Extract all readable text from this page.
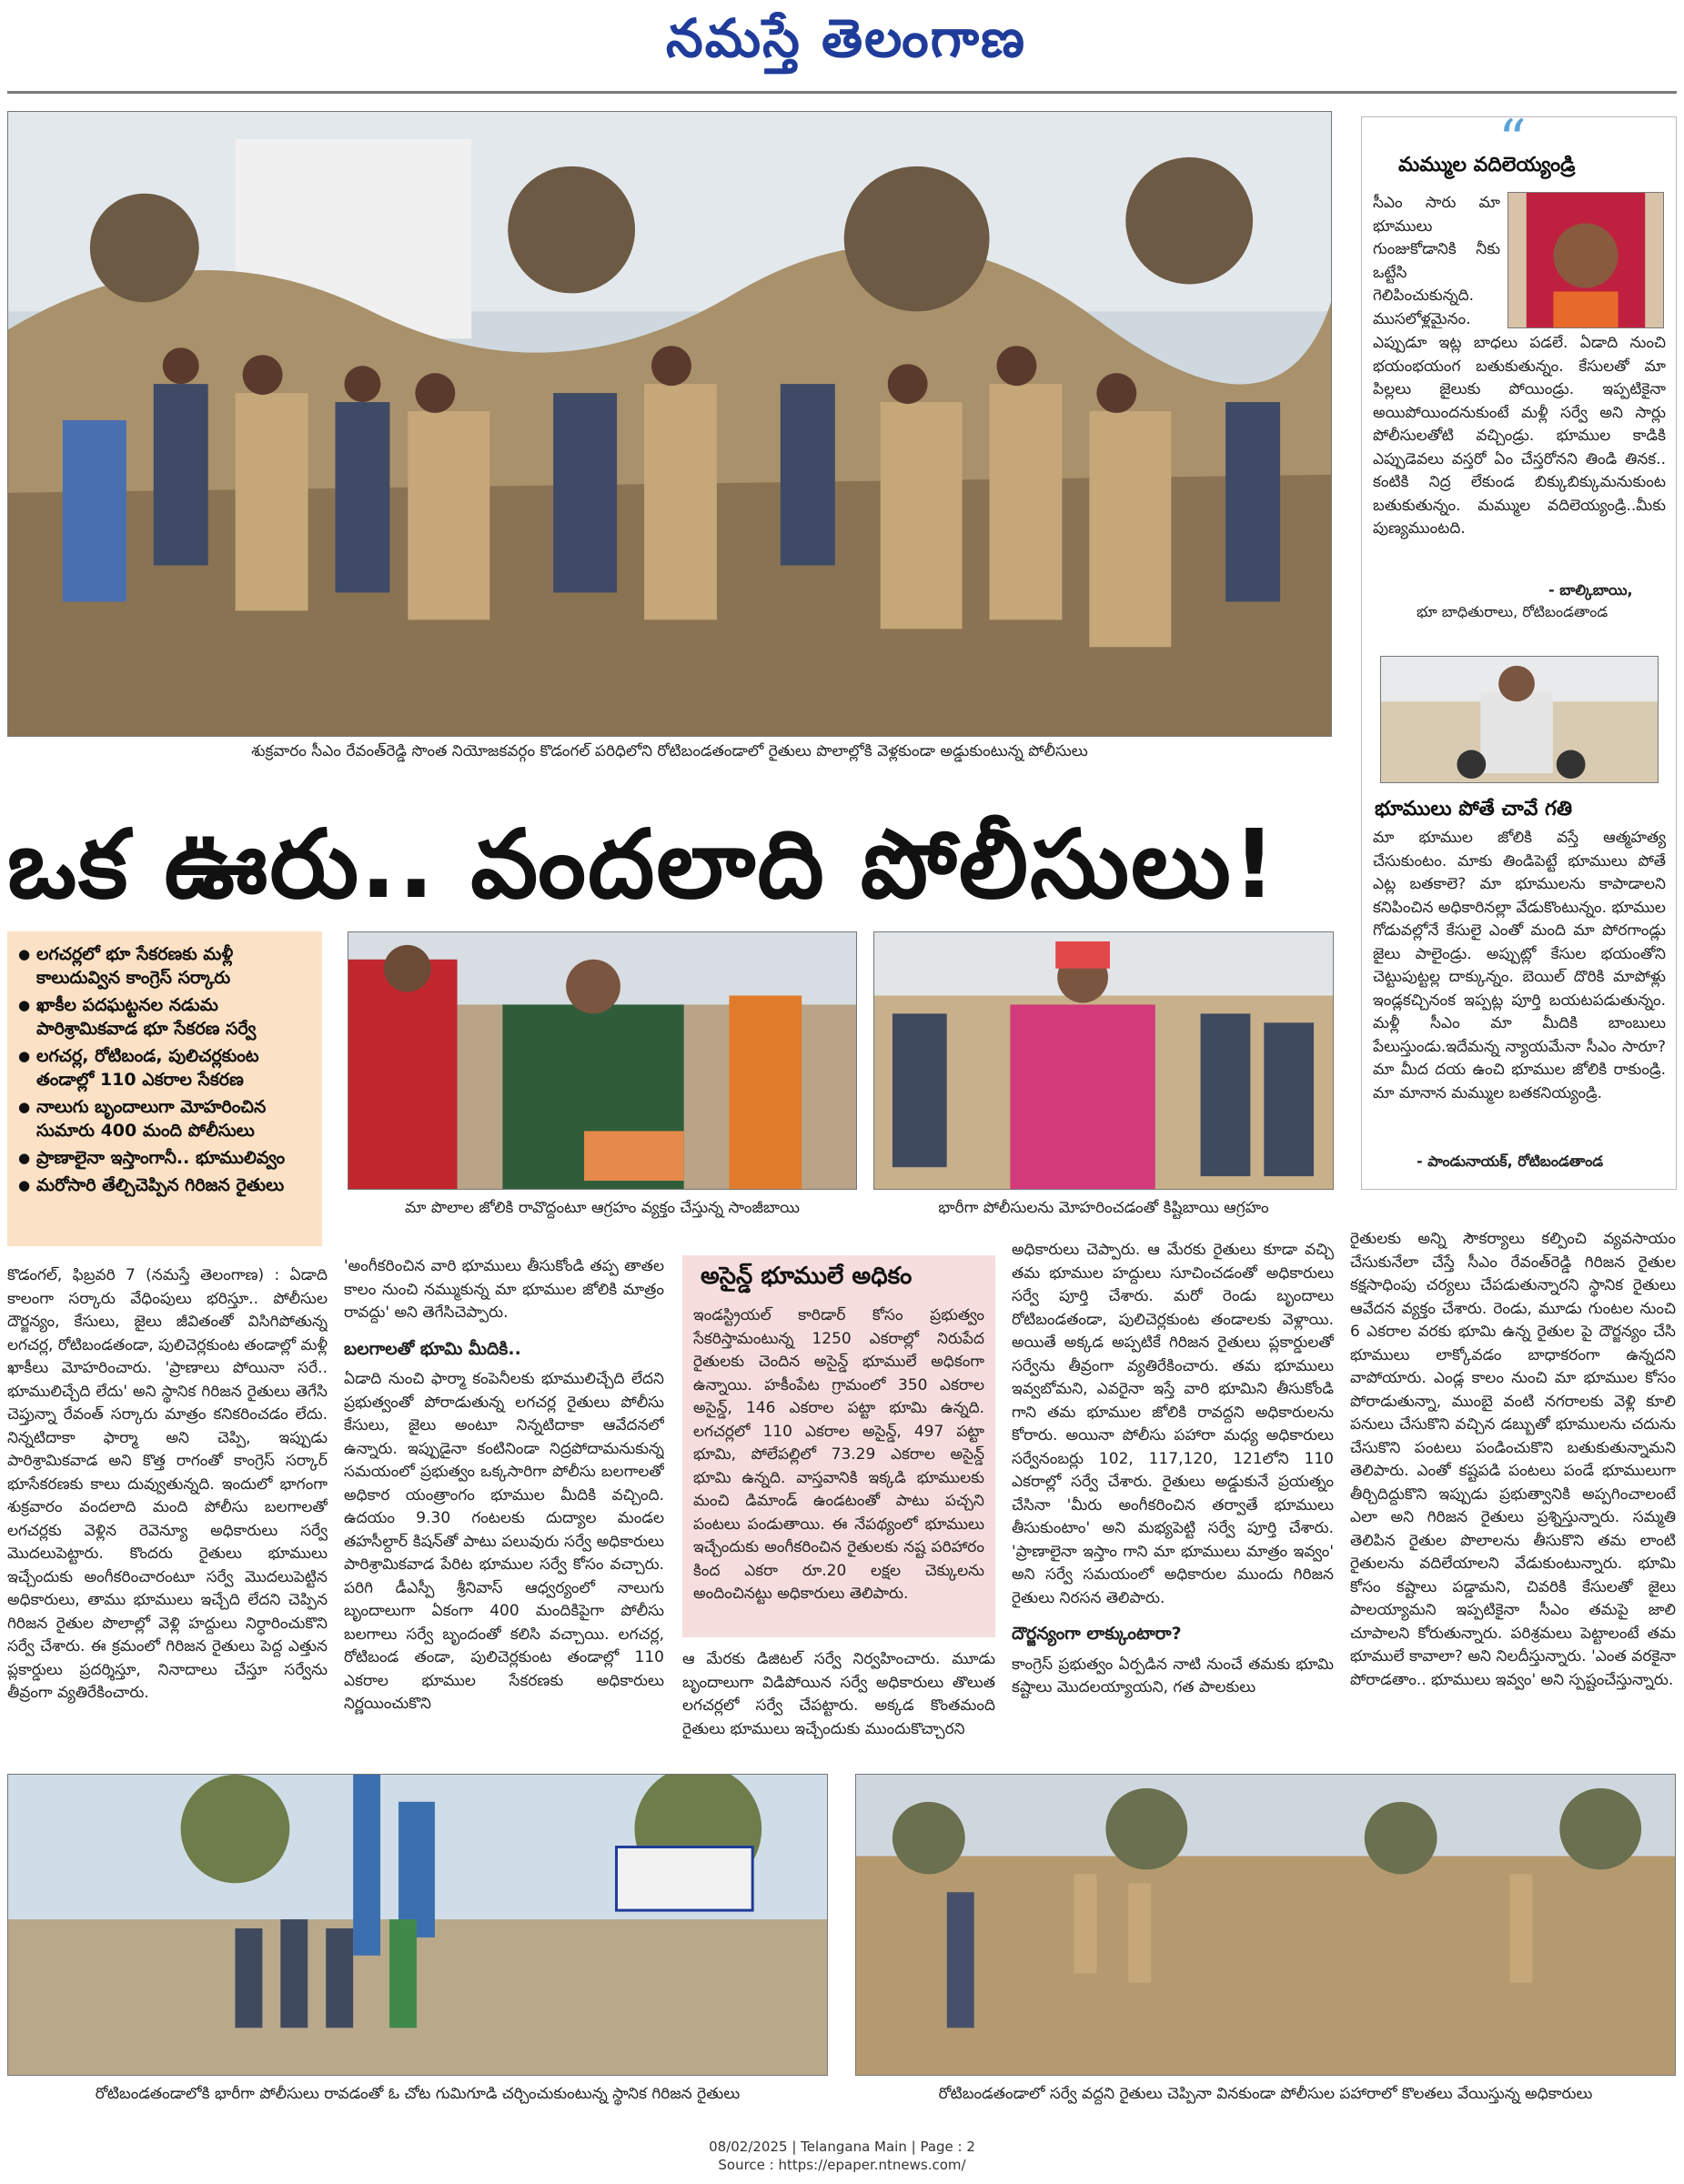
నమస్తే తెలంగాణ
శుక్రవారం సీఎం రేవంత్‌రెడ్డి సొంత నియోజకవర్గం కొడంగల్‌ పరిధిలోని రోటిబండతండాలో రైతులు పొలాల్లోకి వెళ్లకుండా అడ్డుకుంటున్న పోలీసులు
ఒక ఊరు.. వందలాది పోలీసులు!
● లగచర్లలో భూ సేకరణకు మళ్లీ కాలుదువ్విన కాంగ్రెస్‌ సర్కారు
● ఖాకీల పదఘట్టనల నడుమ పారిశ్రామికవాడ భూ సేకరణ సర్వే
● లగచర్ల, రోటిబండ, పులిచర్లకుంట తండాల్లో 110 ఎకరాల సేకరణ
● నాలుగు బృందాలుగా మోహరించిన సుమారు 400 మంది పోలీసులు
● ప్రాణాలైనా ఇస్తాంగానీ.. భూములివ్వం
● మరోసారి తేల్చిచెప్పిన గిరిజన రైతులు
మా పొలాల జోలికి రావొద్దంటూ ఆగ్రహం వ్యక్తం చేస్తున్న సాంజీబాయి	భారీగా పోలీసులను మోహరించడంతో కిష్టిబాయి ఆగ్రహం

కొడంగల్‌, ఫిబ్రవరి 7 (నమస్తే తెలంగాణ) : ఏడాది కాలంగా సర్కారు వేధింపులు భరిస్తూ.. పోలీసుల దౌర్జన్యం, కేసులు, జైలు జీవితంతో విసిగిపోతున్న లగచర్ల, రోటిబండతండా, పులిచెర్లకుంట తండాల్లో మళ్లీ ఖాకీలు మోహరించారు. 'ప్రాణాలు పోయినా సరే.. భూములిచ్చేది లేదు' అని స్థానిక గిరిజన రైతులు తెగేసి చెప్తున్నా రేవంత్‌ సర్కారు మాత్రం కనికరించడం లేదు. నిన్నటిదాకా ఫార్మా అని చెప్పి, ఇప్పుడు పారిశ్రామికవాడ అని కొత్త రాగంతో కాంగ్రెస్‌ సర్కార్‌ భూసేకరణకు కాలు దువ్వుతున్నది. ఇందులో భాగంగా శుక్రవారం వందలాది మంది పోలీసు బలగాలతో లగచర్లకు వెళ్లిన రెవెన్యూ అధికారులు సర్వే మొదలుపెట్టారు. కొందరు రైతులు భూములు ఇచ్చేందుకు అంగీకరించారంటూ సర్వే మొదలుపెట్టిన అధికారులు, తాము భూములు ఇచ్చేది లేదని చెప్పిన గిరిజన రైతుల పొలాల్లో వెళ్లి హద్దులు నిర్ధారించుకొని సర్వే చేశారు. ఈ క్రమంలో గిరిజన రైతులు పెద్ద ఎత్తున ప్లకార్డులు ప్రదర్శిస్తూ, నినాదాలు చేస్తూ సర్వేను తీవ్రంగా వ్యతిరేకించారు.

'అంగీకరించిన వారి భూములు తీసుకోండి తప్ప తాతల కాలం నుంచి నమ్ముకున్న మా భూముల జోలికి మాత్రం రావద్దు' అని తెగేసిచెప్పారు.

బలగాలతో భూమి మీదికి..

ఏడాది నుంచి ఫార్మా కంపెనీలకు భూములిచ్చేది లేదని ప్రభుత్వంతో పోరాడుతున్న లగచర్ల రైతులు పోలీసు కేసులు, జైలు అంటూ నిన్నటిదాకా ఆవేదనలో ఉన్నారు. ఇప్పుడైనా కంటినిండా నిద్రపోదామనుకున్న సమయంలో ప్రభుత్వం ఒక్కసారిగా పోలీసు బలగాలతో అధికార యంత్రాంగం భూముల మీదికి వచ్చింది. ఉదయం 9.30 గంటలకు దుద్యాల మండల తహసీల్దార్‌ కిషన్‌తో పాటు పలువురు సర్వే అధికారులు పారిశ్రామికవాడ పేరిట భూముల సర్వే కోసం వచ్చారు. పరిగి డీఎస్పీ శ్రీనివాస్‌ ఆధ్వర్యంలో నాలుగు బృందాలుగా ఏకంగా 400 మందికిపైగా పోలీసు బలగాలు సర్వే బృందంతో కలిసి వచ్చాయి. లగచర్ల, రోటిబండ తండా, పులిచెర్లకుంట తండాల్లో 110 ఎకరాల భూముల సేకరణకు అధికారులు నిర్ణయించుకొని

అసైన్డ్‌ భూములే అధికం
ఇండస్ట్రియల్‌ కారిడార్‌ కోసం ప్రభుత్వం సేకరిస్తామంటున్న 1250 ఎకరాల్లో నిరుపేద రైతులకు చెందిన అసైన్డ్‌ భూములే అధికంగా ఉన్నాయి. హకీంపేట గ్రామంలో 350 ఎకరాల అసైన్డ్‌, 146 ఎకరాల పట్టా భూమి ఉన్నది. లగచర్లలో 110 ఎకరాల అసైన్డ్‌, 497 పట్టా భూమి, పోలేపల్లిలో 73.29 ఎకరాల అసైన్డ్‌ భూమి ఉన్నది. వాస్తవానికి ఇక్కడి భూములకు మంచి డిమాండ్‌ ఉండటంతో పాటు పచ్చని పంటలు పండుతాయి. ఈ నేపథ్యంలో భూములు ఇచ్చేందుకు అంగీకరించిన రైతులకు నష్ట పరిహారం కింద ఎకరా రూ.20 లక్షల చెక్కులను అందించినట్టు అధికారులు తెలిపారు.

ఆ మేరకు డిజిటల్‌ సర్వే నిర్వహించారు. మూడు బృందాలుగా విడిపోయిన సర్వే అధికారులు తొలుత లగచర్లలో సర్వే చేపట్టారు. అక్కడ కొంతమంది రైతులు భూములు ఇచ్చేందుకు ముందుకొచ్చారని

అధికారులు చెప్పారు. ఆ మేరకు రైతులు కూడా వచ్చి తమ భూముల హద్దులు సూచించడంతో అధికారులు సర్వే పూర్తి చేశారు. మరో రెండు బృందాలు రోటిబండతండా, పులిచెర్లకుంట తండాలకు వెళ్లాయి. అయితే అక్కడ అప్పటికే గిరిజన రైతులు ప్లకార్డులతో సర్వేను తీవ్రంగా వ్యతిరేకించారు. తమ భూములు ఇవ్వబోమని, ఎవరైనా ఇస్తే వారి భూమిని తీసుకోండి గాని తమ భూముల జోలికి రావద్దని అధికారులను కోరారు. అయినా పోలీసు పహారా మధ్య అధికారులు సర్వేనంబర్లు 102, 117,120, 121లోని 110 ఎకరాల్లో సర్వే చేశారు. రైతులు అడ్డుకునే ప్రయత్నం చేసినా 'మీరు అంగీకరించిన తర్వాతే భూములు తీసుకుంటాం' అని మభ్యపెట్టి సర్వే పూర్తి చేశారు. 'ప్రాణాలైనా ఇస్తాం గాని మా భూములు మాత్రం ఇవ్వం' అని సర్వే సమయంలో అధికారుల ముందు గిరిజన రైతులు నిరసన తెలిపారు.

దౌర్జన్యంగా లాక్కుంటారా?

కాంగ్రెస్‌ ప్రభుత్వం ఏర్పడిన నాటి నుంచే తమకు భూమి కష్టాలు మొదలయ్యాయని, గత పాలకులు

రైతులకు అన్ని సౌకర్యాలు కల్పించి వ్యవసాయం చేసుకునేలా చేస్తే సీఎం రేవంత్‌రెడ్డి గిరిజన రైతుల కక్షసాధింపు చర్యలు చేపడుతున్నారని స్థానిక రైతులు ఆవేదన వ్యక్తం చేశారు. రెండు, మూడు గుంటల నుంచి 6 ఎకరాల వరకు భూమి ఉన్న రైతుల పై దౌర్జన్యం చేసి భూములు లాక్కోవడం బాధాకరంగా ఉన్నదని వాపోయారు. ఎండ్ల కాలం నుంచి మా భూముల కోసం పోరాడుతున్నా, ముంబై వంటి నగరాలకు వెళ్లి కూలి పనులు చేసుకొని వచ్చిన డబ్బుతో భూములను చదును చేసుకొని పంటలు పండించుకొని బతుకుతున్నామని తెలిపారు. ఎంతో కష్టపడి పంటలు పండే భూములుగా తీర్చిదిద్దుకొని ఇప్పుడు ప్రభుత్వానికి అప్పగించాలంటే ఎలా అని గిరిజన రైతులు ప్రశ్నిస్తున్నారు. సమ్మతి తెలిపిన రైతుల పొలాలను తీసుకొని తమ లాంటి రైతులను వదిలేయాలని వేడుకుంటున్నారు. భూమి కోసం కష్టాలు పడ్డామని, చివరికి కేసులతో జైలు పాలయ్యామని ఇప్పటికైనా సీఎం తమపై జాలి చూపాలని కోరుతున్నారు. పరిశ్రమలు పెట్టాలంటే తమ భూములే కావాలా? అని నిలదీస్తున్నారు. 'ఎంత వరకైనా పోరాడతాం.. భూములు ఇవ్వం' అని స్పష్టంచేస్తున్నారు.

“
మమ్ముల వదిలెయ్యండ్రి
సీఎం సారు మా భూములు గుంజుకోడానికి నీకు ఒట్టేసి గెలిపించుకున్నది. ముసలోళ్లమైనం.
ఎప్పుడూ ఇట్ల బాధలు పడలే. ఏడాది నుంచి భయంభయంగ బతుకుతున్నం. కేసులతో మా పిల్లలు జైలుకు పోయిండ్రు. ఇప్పటికైనా అయిపోయిందనుకుంటే మళ్లీ సర్వే అని సార్లు పోలీసులతోటి వచ్చిండ్రు. భూముల కాడికి ఎప్పుడెవలు వస్తరో ఏం చేస్తరోనని తిండి తినక.. కంటికి నిద్ర లేకుండ బిక్కుబిక్కుమనుకుంట బతుకుతున్నం. మమ్ముల వదిలెయ్యండ్రి..మీకు పుణ్యముంటది.
- బాల్కిబాయి,
భూ బాధితురాలు, రోటిబండతాండ
భూములు పోతే చావే గతి
మా భూముల జోలికి వస్తే ఆత్మహత్య చేసుకుంటం. మాకు తిండిపెట్టే భూములు పోతే ఎట్ల బతకాలె? మా భూములను కాపాడాలని కనిపించిన అధికారినల్లా వేడుకొంటున్నం. భూముల గోడువల్లోనే కేసులై ఎంతో మంది మా పోరగాండ్లు జైలు పాలైండ్రు. అప్పుట్లో కేసుల భయంతోని చెట్టుపుట్టల్ల దాక్కున్నం. బెయిల్‌ దొరికి మాపోళ్లు ఇండ్లకచ్చినంక ఇప్పట్ల పూర్తి బయటపడుతున్నం. మళ్లీ సీఎం మా మీదికి బాంబులు పేలుస్తుండు.ఇదేమన్న న్యాయమేనా సీఎం సారూ? మా మీద దయ ఉంచి భూముల జోలికి రాకుండ్రి. మా మానాన మమ్ముల బతకనియ్యండ్రి.
- పాండునాయక్‌, రోటిబండతాండ
రోటిబండతండాలోకి భారీగా పోలీసులు రావడంతో ఓ చోట గుమిగూడి చర్చించుకుంటున్న స్థానిక గిరిజన రైతులు	రోటిబండతండాలో సర్వే వద్దని రైతులు చెప్పినా వినకుండా పోలీసుల పహారాలో కొలతలు వేయిస్తున్న అధికారులు
08/02/2025 | Telangana Main | Page : 2
Source : https://epaper.ntnews.com/
